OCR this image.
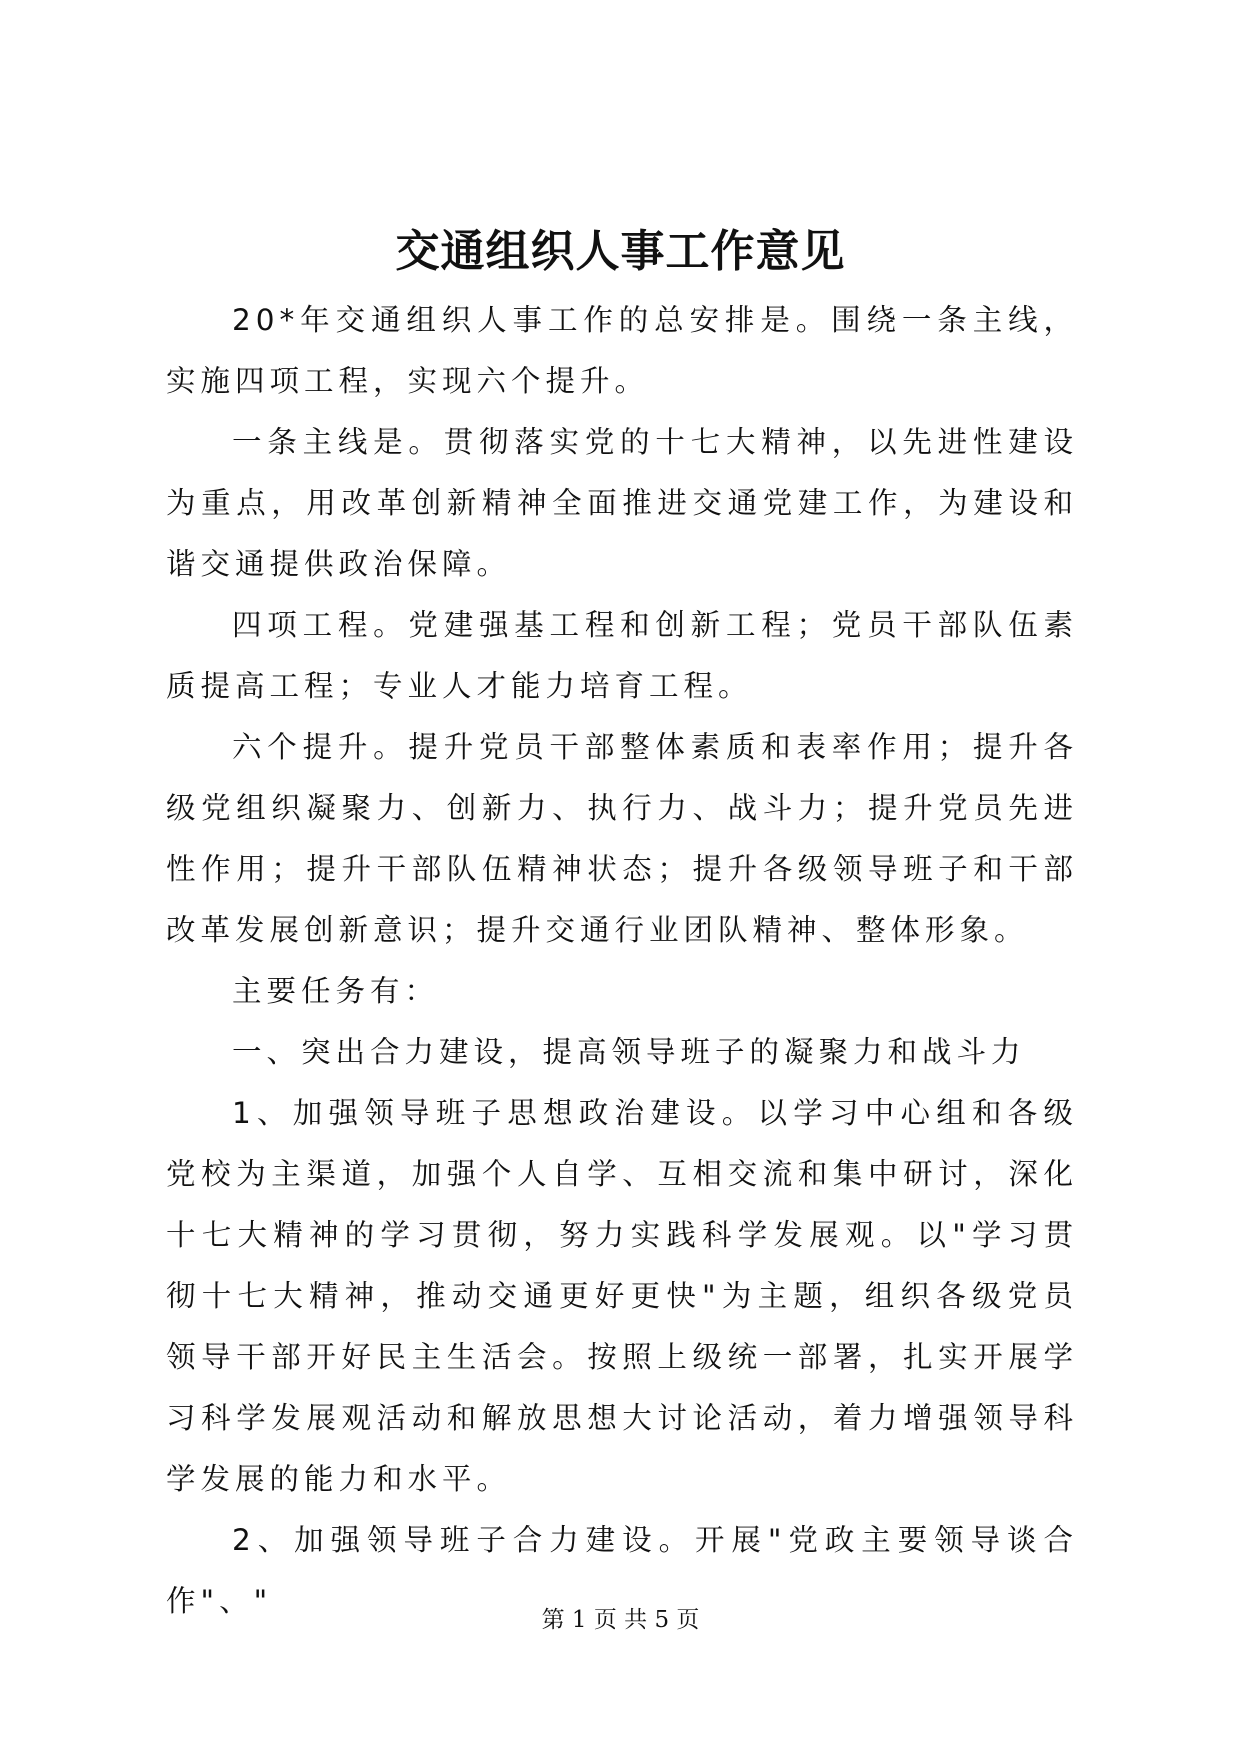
交通组织人事工作意见

20*年交通组织人事工作的总安排是。围绕一条主线，实施四项工程，实现六个提升。

一条主线是。贯彻落实党的十七大精神，以先进性建设为重点，用改革创新精神全面推进交通党建工作，为建设和谐交通提供政治保障。

四项工程。党建强基工程和创新工程；党员干部队伍素质提高工程；专业人才能力培育工程。

六个提升。提升党员干部整体素质和表率作用；提升各级党组织凝聚力、创新力、执行力、战斗力；提升党员先进性作用；提升干部队伍精神状态；提升各级领导班子和干部改革发展创新意识；提升交通行业团队精神、整体形象。

主要任务有：

一、突出合力建设，提高领导班子的凝聚力和战斗力

1、加强领导班子思想政治建设。以学习中心组和各级党校为主渠道，加强个人自学、互相交流和集中研讨，深化十七大精神的学习贯彻，努力实践科学发展观。以"学习贯彻十七大精神，推动交通更好更快"为主题，组织各级党员领导干部开好民主生活会。按照上级统一部署，扎实开展学习科学发展观活动和解放思想大讨论活动，着力增强领导科学发展的能力和水平。

2、加强领导班子合力建设。开展"党政主要领导谈合作"、"

第 1 页 共 5 页
